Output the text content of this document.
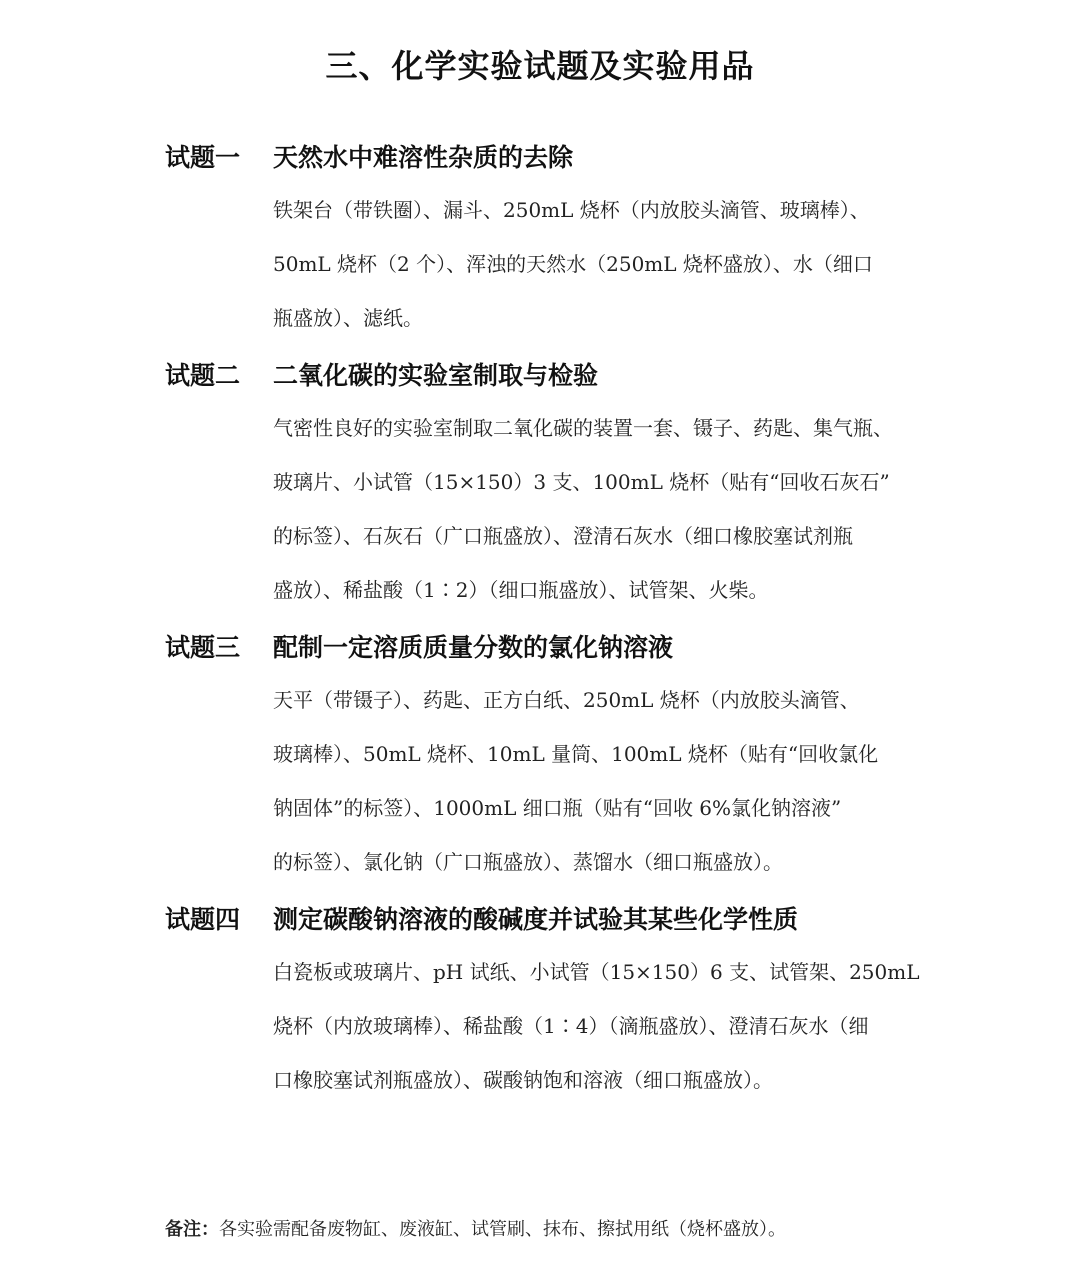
三、化学实验试题及实验用品
试题一 天然水中难溶性杂质的去除
铁架台（带铁圈）、漏斗、250mL 烧杯（内放胶头滴管、玻璃棒）、
50mL 烧杯（2 个）、浑浊的天然水（250mL 烧杯盛放）、水（细口
瓶盛放）、滤纸。
试题二 二氧化碳的实验室制取与检验
气密性良好的实验室制取二氧化碳的装置一套、镊子、药匙、集气瓶、
玻璃片、小试管（15×150）3 支、100mL 烧杯（贴有“回收石灰石”
的标签）、石灰石（广口瓶盛放）、澄清石灰水（细口橡胶塞试剂瓶
盛放）、稀盐酸（1∶2）（细口瓶盛放）、试管架、火柴。
试题三 配制一定溶质质量分数的氯化钠溶液
天平（带镊子）、药匙、正方白纸、250mL 烧杯（内放胶头滴管、
玻璃棒）、50mL 烧杯、10mL 量筒、100mL 烧杯（贴有“回收氯化
钠固体”的标签）、1000mL 细口瓶（贴有“回收 6%氯化钠溶液”
的标签）、氯化钠（广口瓶盛放）、蒸馏水（细口瓶盛放）。
试题四 测定碳酸钠溶液的酸碱度并试验其某些化学性质
白瓷板或玻璃片、pH 试纸、小试管（15×150）6 支、试管架、250mL
烧杯（内放玻璃棒）、稀盐酸（1∶4）（滴瓶盛放）、澄清石灰水（细
口橡胶塞试剂瓶盛放）、碳酸钠饱和溶液（细口瓶盛放）。
备注：各实验需配备废物缸、废液缸、试管刷、抹布、擦拭用纸（烧杯盛放）。
